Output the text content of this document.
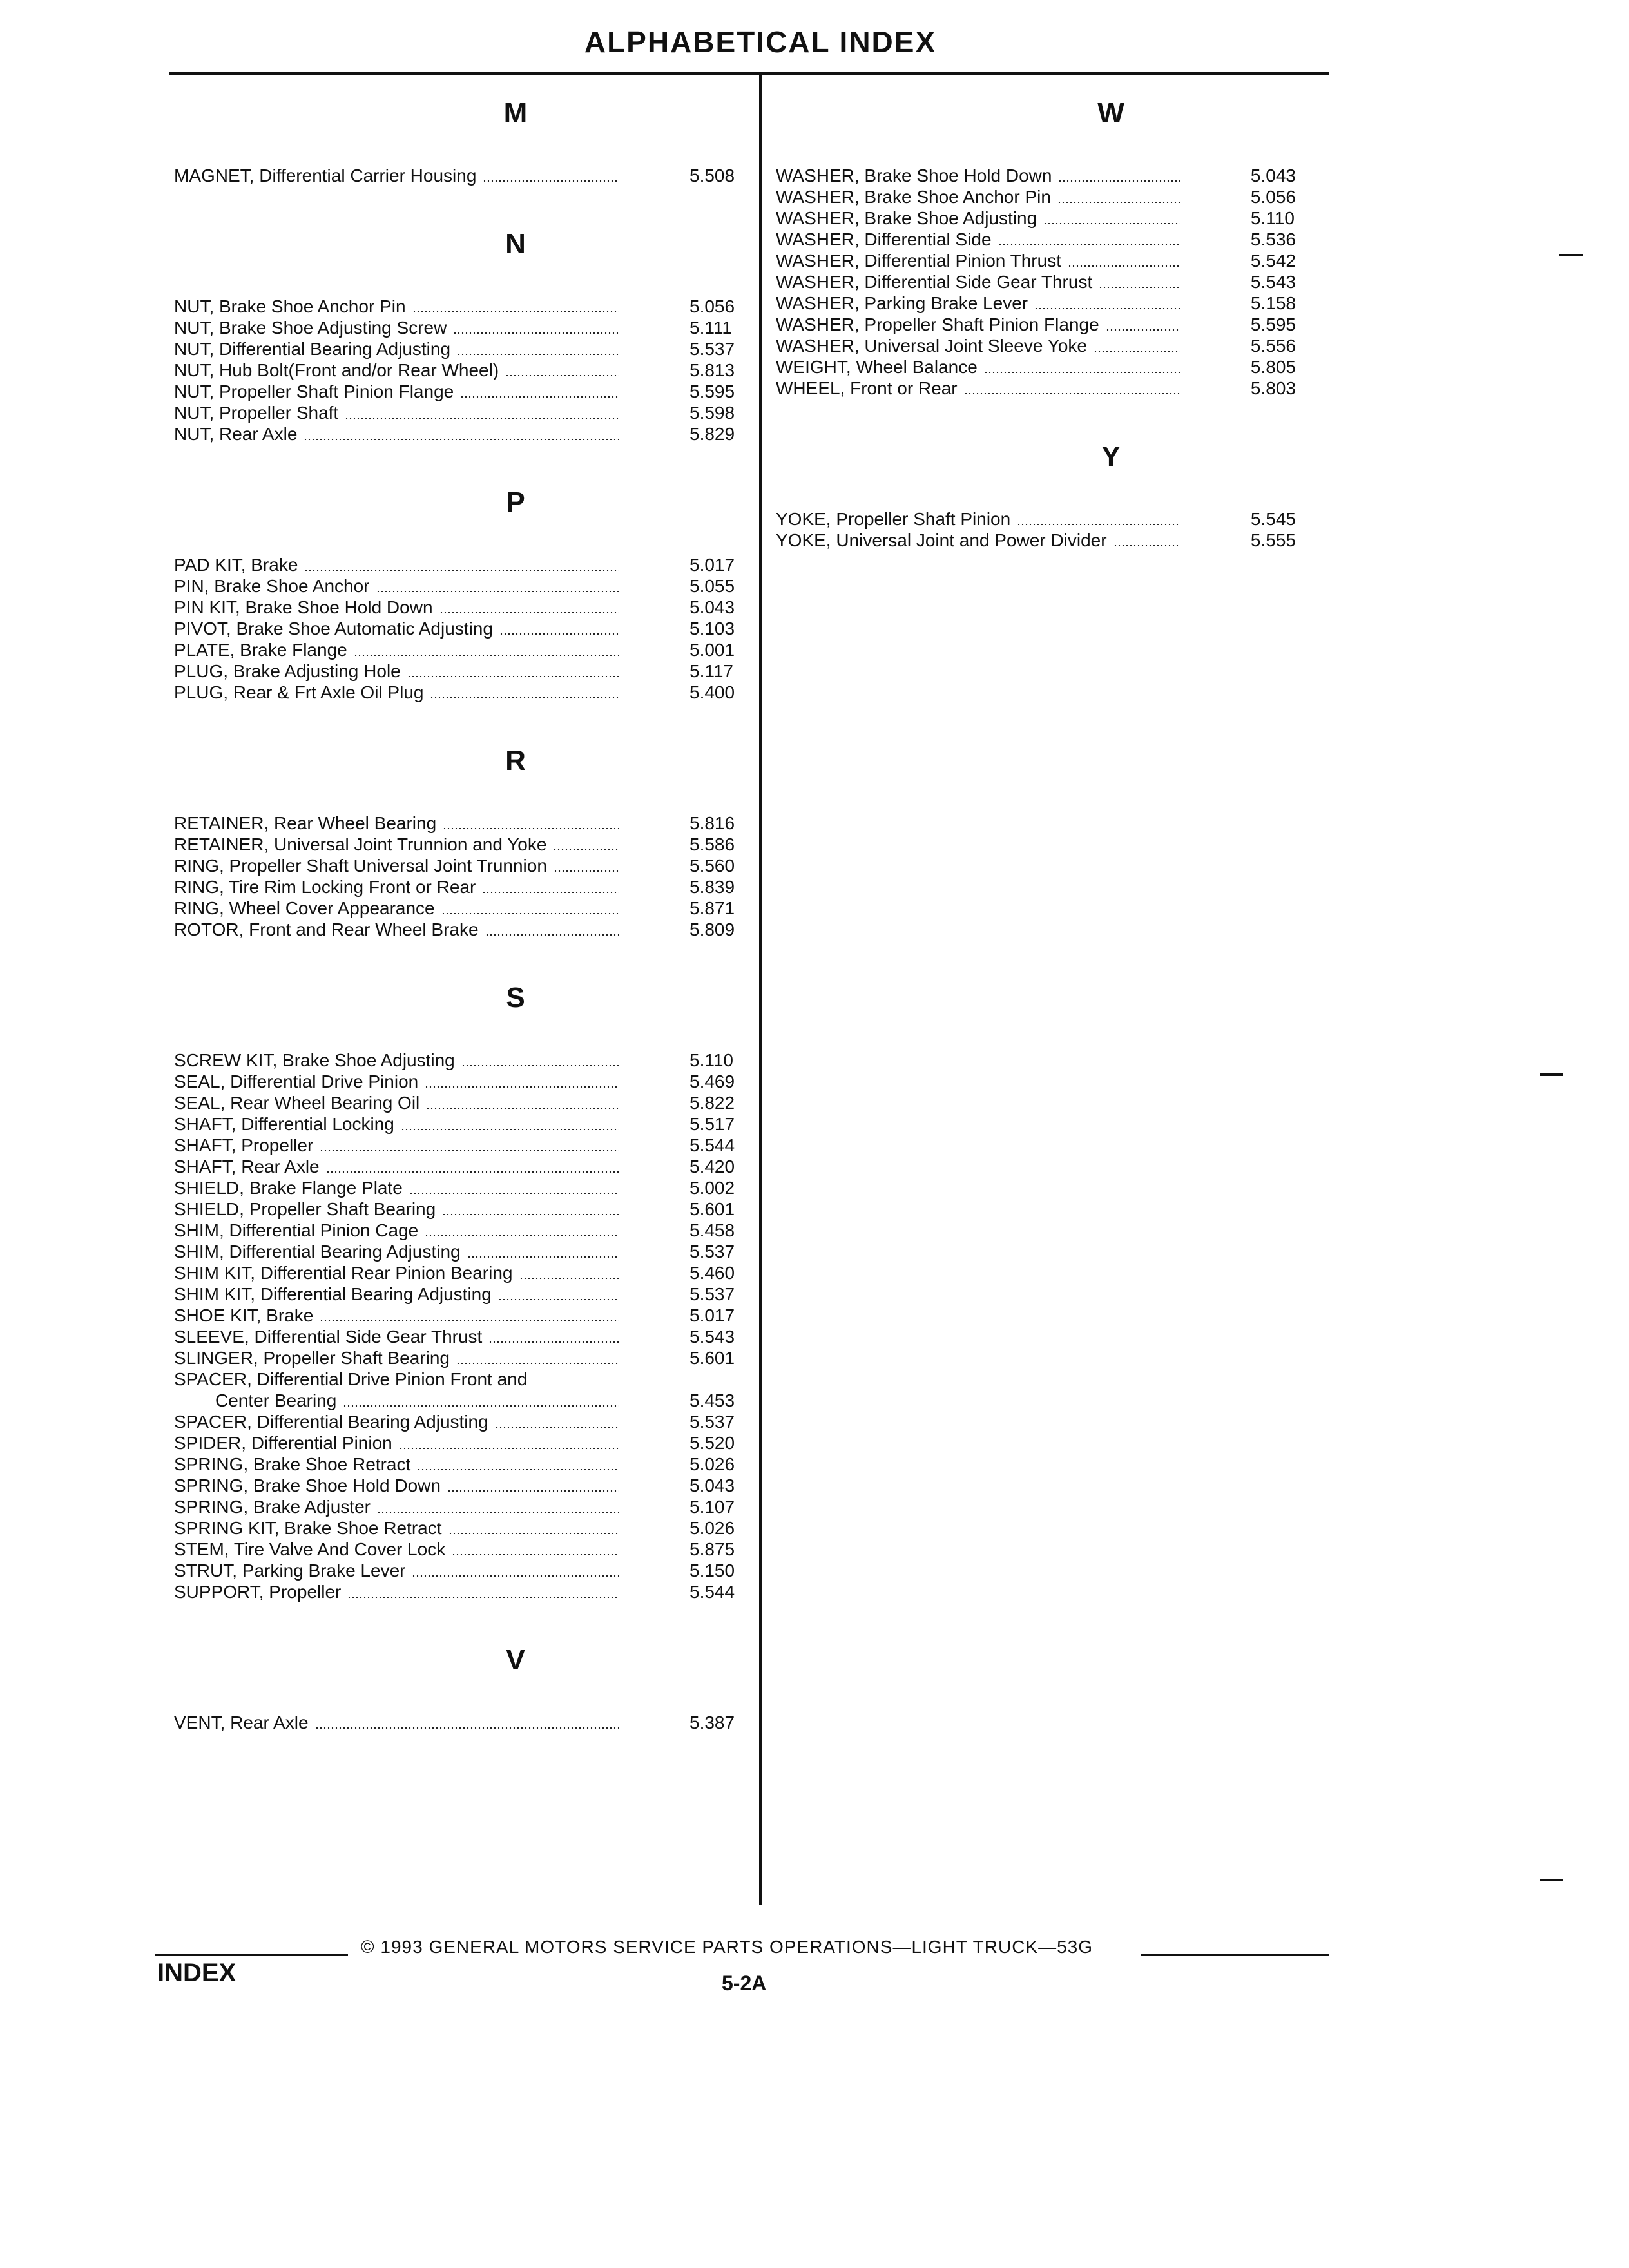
ALPHABETICAL INDEX
M
MAGNET, Differential Carrier Housing	5.508
N
NUT, Brake Shoe Anchor Pin	5.056
NUT, Brake Shoe Adjusting Screw	5.111
NUT, Differential Bearing Adjusting	5.537
NUT, Hub Bolt(Front and/or Rear Wheel)	5.813
NUT, Propeller Shaft Pinion Flange	5.595
NUT, Propeller Shaft	5.598
NUT, Rear Axle	5.829
P
PAD KIT, Brake	5.017
PIN, Brake Shoe Anchor	5.055
PIN KIT, Brake Shoe Hold Down	5.043
PIVOT, Brake Shoe Automatic Adjusting	5.103
PLATE, Brake Flange	5.001
PLUG, Brake Adjusting Hole	5.117
PLUG, Rear & Frt Axle Oil Plug	5.400
R
RETAINER, Rear Wheel Bearing	5.816
RETAINER, Universal Joint Trunnion and Yoke	5.586
RING, Propeller Shaft Universal Joint Trunnion	5.560
RING, Tire Rim Locking Front or Rear	5.839
RING, Wheel Cover Appearance	5.871
ROTOR, Front and Rear Wheel Brake	5.809
S
SCREW KIT, Brake Shoe Adjusting	5.110
SEAL, Differential Drive Pinion	5.469
SEAL, Rear Wheel Bearing Oil	5.822
SHAFT, Differential Locking	5.517
SHAFT, Propeller	5.544
SHAFT, Rear Axle	5.420
SHIELD, Brake Flange Plate	5.002
SHIELD, Propeller Shaft Bearing	5.601
SHIM, Differential Pinion Cage	5.458
SHIM, Differential Bearing Adjusting	5.537
SHIM KIT, Differential Rear Pinion Bearing	5.460
SHIM KIT, Differential Bearing Adjusting	5.537
SHOE KIT, Brake	5.017
SLEEVE, Differential Side Gear Thrust	5.543
SLINGER, Propeller Shaft Bearing	5.601
SPACER, Differential Drive Pinion Front and
Center Bearing	5.453
SPACER, Differential Bearing Adjusting	5.537
SPIDER, Differential Pinion	5.520
SPRING, Brake Shoe Retract	5.026
SPRING, Brake Shoe Hold Down	5.043
SPRING, Brake Adjuster	5.107
SPRING KIT, Brake Shoe Retract	5.026
STEM, Tire Valve And Cover Lock	5.875
STRUT, Parking Brake Lever	5.150
SUPPORT, Propeller	5.544
V
VENT, Rear Axle	5.387
W
WASHER, Brake Shoe Hold Down	5.043
WASHER, Brake Shoe Anchor Pin	5.056
WASHER, Brake Shoe Adjusting	5.110
WASHER, Differential Side	5.536
WASHER, Differential Pinion Thrust	5.542
WASHER, Differential Side Gear Thrust	5.543
WASHER, Parking Brake Lever	5.158
WASHER, Propeller Shaft Pinion Flange	5.595
WASHER, Universal Joint Sleeve Yoke	5.556
WEIGHT, Wheel Balance	5.805
WHEEL, Front or Rear	5.803
Y
YOKE, Propeller Shaft Pinion	5.545
YOKE, Universal Joint and Power Divider	5.555
© 1993 GENERAL MOTORS SERVICE PARTS OPERATIONS—LIGHT TRUCK—53G
INDEX	5-2A
